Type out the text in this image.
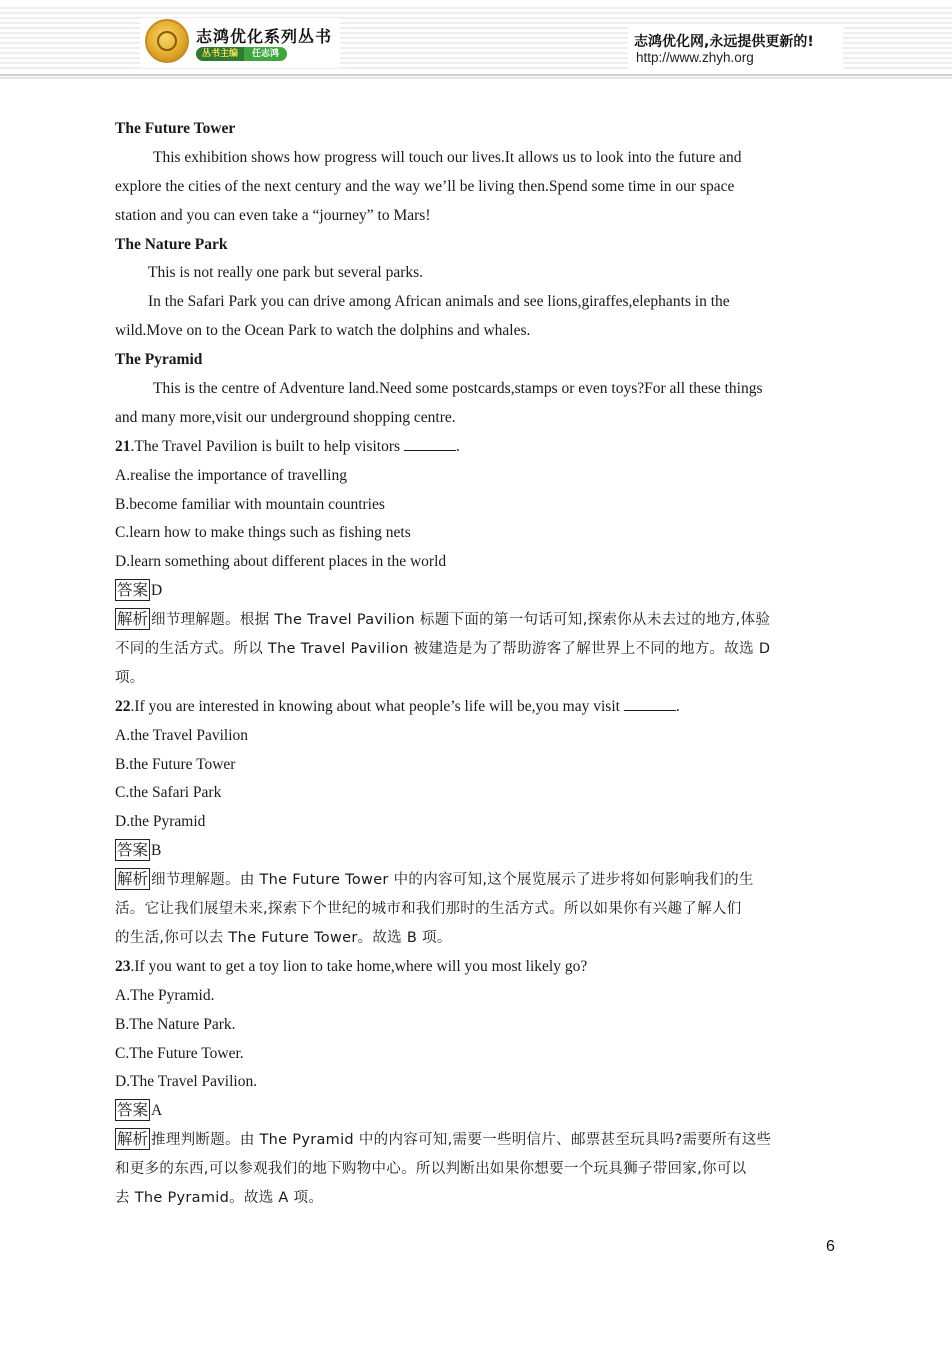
志鸿优化系列丛书
丛书主编	任志鸿
志鸿优化网,永远提供更新的!
http://www.zhyh.org
The Future Tower
This exhibition shows how progress will touch our lives.It allows us to look into the future and
explore the cities of the next century and the way we’ll be living then.Spend some time in our space
station and you can even take a “journey” to Mars!
The Nature Park
This is not really one park but several parks.
In the Safari Park you can drive among African animals and see lions,giraffes,elephants in the
wild.Move on to the Ocean Park to watch the dolphins and whales.
The Pyramid
This is the centre of Adventure land.Need some postcards,stamps or even toys?For all these things
and many more,visit our underground shopping centre.
21.The Travel Pavilion is built to help visitors	.
A.realise the importance of travelling
B.become familiar with mountain countries
C.learn how to make things such as fishing nets
D.learn something about different places in the world
答案 D
解析 细节理解题。根据 The Travel Pavilion 标题下面的第一句话可知,探索你从未去过的地方,体验
不同的生活方式。所以 The Travel Pavilion 被建造是为了帮助游客了解世界上不同的地方。故选 D
项。
22.If you are interested in knowing about what people’s life will be,you may visit	.
A.the Travel Pavilion
B.the Future Tower
C.the Safari Park
D.the Pyramid
答案 B
解析 细节理解题。由 The Future Tower 中的内容可知,这个展览展示了进步将如何影响我们的生
活。它让我们展望未来,探索下个世纪的城市和我们那时的生活方式。所以如果你有兴趣了解人们
的生活,你可以去 The Future Tower。故选 B 项。
23.If you want to get a toy lion to take home,where will you most likely go?
A.The Pyramid.
B.The Nature Park.
C.The Future Tower.
D.The Travel Pavilion.
答案 A
解析 推理判断题。由 The Pyramid 中的内容可知,需要一些明信片、邮票甚至玩具吗?需要所有这些
和更多的东西,可以参观我们的地下购物中心。所以判断出如果你想要一个玩具狮子带回家,你可以
去 The Pyramid。故选 A 项。
6
